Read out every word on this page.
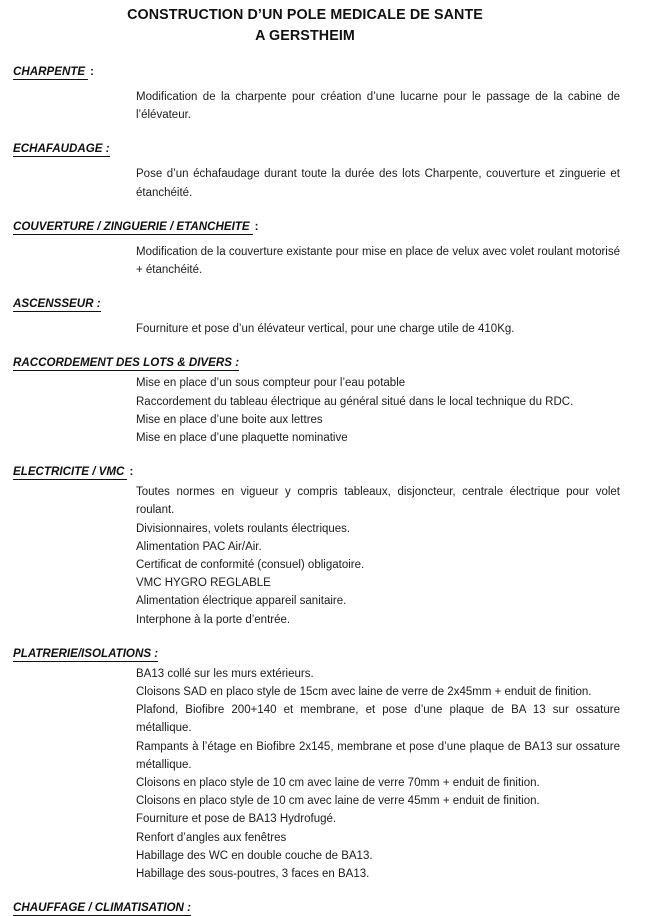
CONSTRUCTION D’UN POLE MEDICALE DE SANTE
A GERSTHEIM
CHARPENTE :

Modification de la charpente pour création d’une lucarne pour le passage de la cabine de l’élévateur.

ECHAFAUDAGE :

Pose d’un échafaudage durant toute la durée des lots Charpente, couverture et zinguerie et étanchéité.

COUVERTURE / ZINGUERIE / ETANCHEITE :

Modification de la couverture existante pour mise en place de velux avec volet roulant motorisé + étanchéité.

ASCENSSEUR :

Fourniture et pose d’un élévateur vertical, pour une charge utile de 410Kg.

RACCORDEMENT DES LOTS & DIVERS :

Mise en place d’un sous compteur pour l’eau potable

Raccordement du tableau électrique au général situé dans le local technique du RDC.

Mise en place d’une boite aux lettres

Mise en place d’une plaquette nominative

ELECTRICITE / VMC :

Toutes normes en vigueur y compris tableaux, disjoncteur, centrale électrique pour volet roulant.

Divisionnaires, volets roulants électriques.

Alimentation PAC Air/Air.

Certificat de conformité (consuel) obligatoire.

VMC HYGRO REGLABLE

Alimentation électrique appareil sanitaire.

Interphone à la porte d’entrée.

PLATRERIE/ISOLATIONS :

BA13 collé sur les murs extérieurs.

Cloisons SAD en placo style de 15cm avec laine de verre de 2x45mm + enduit de finition.

Plafond, Biofibre 200+140 et membrane, et pose d’une plaque de BA 13 sur ossature métallique.

Rampants à l’étage en Biofibre 2x145, membrane et pose d’une plaque de BA13 sur ossature métallique.

Cloisons en placo style de 10 cm avec laine de verre 70mm + enduit de finition.

Cloisons en placo style de 10 cm avec laine de verre 45mm + enduit de finition.

Fourniture et pose de BA13 Hydrofugé.

Renfort d’angles aux fenêtres

Habillage des WC en double couche de BA13.

Habillage des sous-poutres, 3 faces en BA13.

CHAUFFAGE / CLIMATISATION :
